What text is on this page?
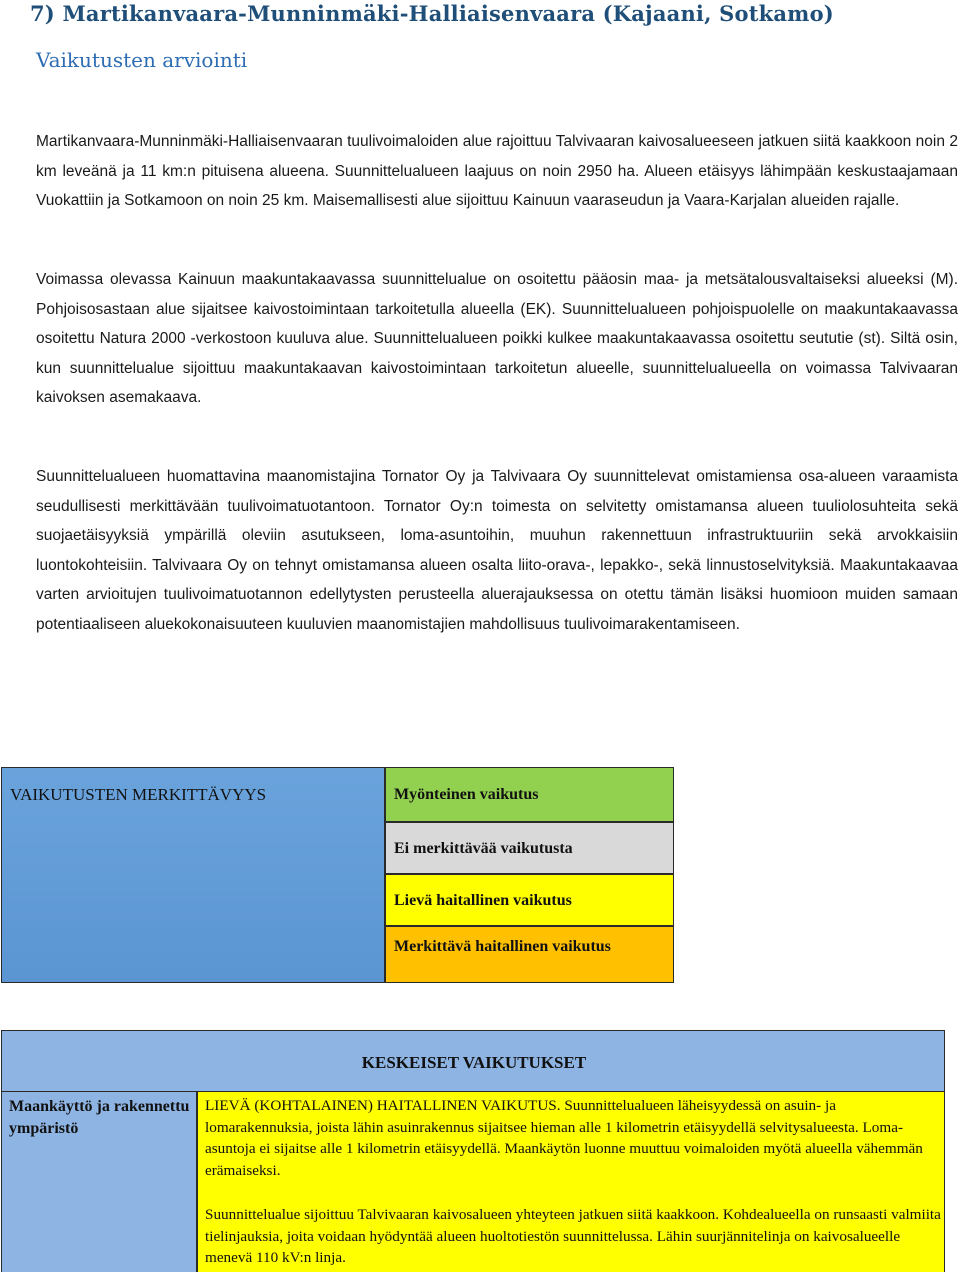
7) Martikanvaara-Munninmäki-Halliaisenvaara (Kajaani, Sotkamo)
Vaikutusten arviointi

Martikanvaara-Munninmäki-Halliaisenvaaran tuulivoimaloiden alue rajoittuu Talvivaaran kaivosalueeseen jatkuen siitä kaakkoon noin 2 km leveänä ja 11 km:n pituisena alueena. Suunnittelualueen laajuus on noin 2950 ha. Alueen etäisyys lähimpään keskustaajamaan Vuokattiin ja Sotkamoon on noin 25 km. Maisemallisesti alue sijoittuu Kainuun vaaraseudun ja Vaara-Karjalan alueiden rajalle.

Voimassa olevassa Kainuun maakuntakaavassa suunnittelualue on osoitettu pääosin maa- ja metsätalousvaltaiseksi alueeksi (M). Pohjoisosastaan alue sijaitsee kaivostoimintaan tarkoitetulla alueella (EK). Suunnittelualueen pohjoispuolelle on maakuntakaavassa osoitettu Natura 2000 -verkostoon kuuluva alue. Suunnittelualueen poikki kulkee maakuntakaavassa osoitettu seututie (st). Siltä osin, kun suunnittelualue sijoittuu maakuntakaavan kaivostoimintaan tarkoitetun alueelle, suunnittelualueella on voimassa Talvivaaran kaivoksen asemakaava.

Suunnittelualueen huomattavina maanomistajina Tornator Oy ja Talvivaara Oy suunnittelevat omistamiensa osa-alueen varaamista seudullisesti merkittävään tuulivoimatuotantoon. Tornator Oy:n toimesta on selvitetty omistamansa alueen tuuliolosuhteita sekä suojaetäisyyksiä ympärillä oleviin asutukseen, loma-asuntoihin, muuhun rakennettuun infrastruktuuriin sekä arvokkaisiin luontokohteisiin. Talvivaara Oy on tehnyt omistamansa alueen osalta liito-orava-, lepakko-, sekä linnustoselvityksiä. Maakuntakaavaa varten arvioitujen tuulivoimatuotannon edellytysten perusteella aluerajauksessa on otettu tämän lisäksi huomioon muiden samaan potentiaaliseen aluekokonaisuuteen kuuluvien maanomistajien mahdollisuus tuulivoimarakentamiseen.

VAIKUTUSTEN MERKITTÄVYYS	Myönteinen vaikutus
Ei merkittävää vaikutusta
Lievä haitallinen vaikutus
Merkittävä haitallinen vaikutus
KESKEISET VAIKUTUKSET
Maankäyttö ja rakennettu ympäristö

LIEVÄ (KOHTALAINEN) HAITALLINEN VAIKUTUS. Suunnittelualueen läheisyydessä on asuin- ja lomarakennuksia, joista lähin asuinrakennus sijaitsee hieman alle 1 kilometrin etäisyydellä selvitysalueesta. Loma-asuntoja ei sijaitse alle 1 kilometrin etäisyydellä. Maankäytön luonne muuttuu voimaloiden myötä alueella vähemmän erämaiseksi.

Suunnittelualue sijoittuu Talvivaaran kaivosalueen yhteyteen jatkuen siitä kaakkoon. Kohdealueella on runsaasti valmiita tielinjauksia, joita voidaan hyödyntää alueen huoltotiestön suunnittelussa. Lähin suurjännitelinja on kaivosalueelle menevä 110 kV:n linja.
